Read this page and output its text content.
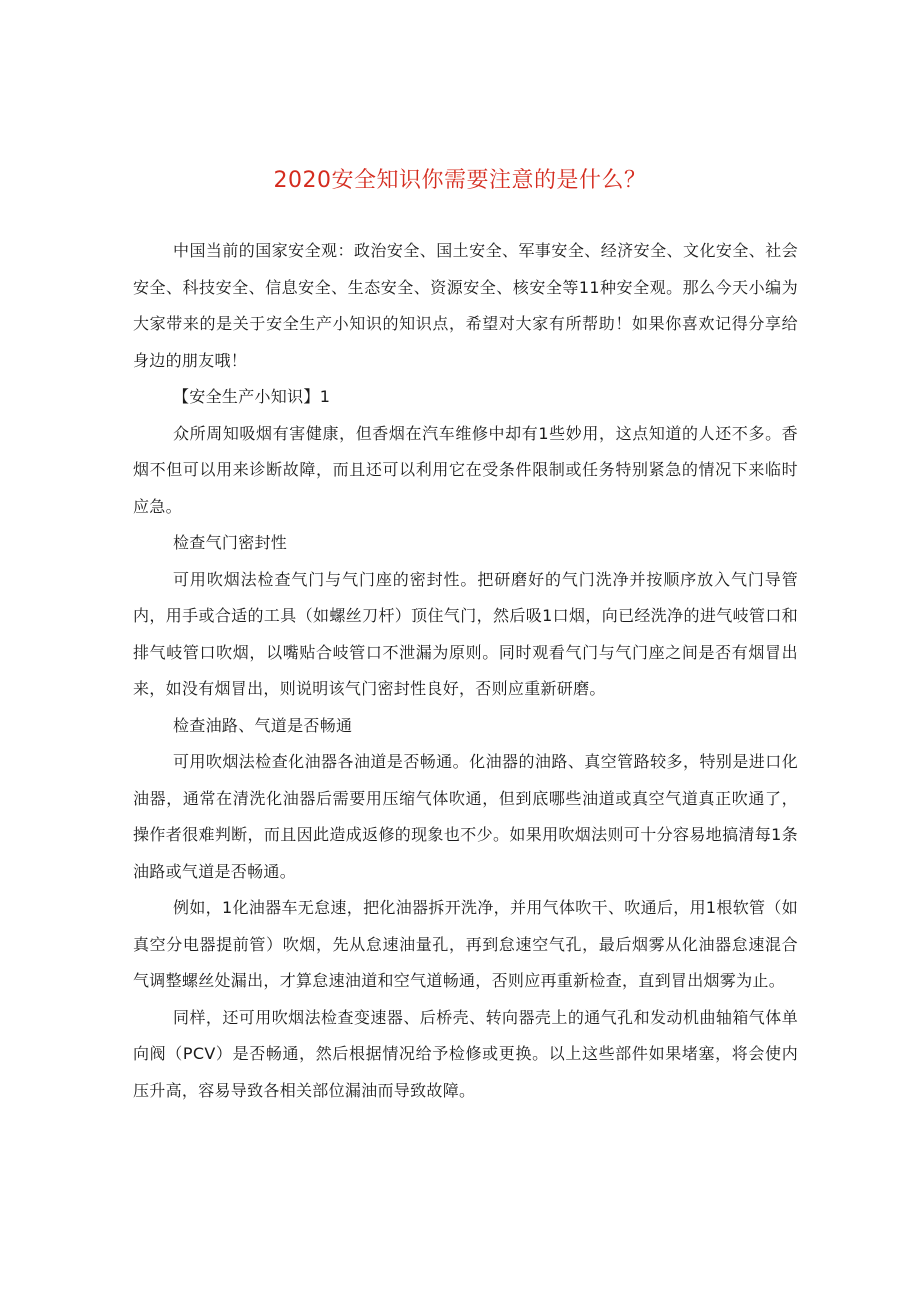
2020安全知识你需要注意的是什么？

中国当前的国家安全观：政治安全、国土安全、军事安全、经济安全、文化安全、社会安全、科技安全、信息安全、生态安全、资源安全、核安全等11种安全观。那么今天小编为大家带来的是关于安全生产小知识的知识点，希望对大家有所帮助！如果你喜欢记得分享给身边的朋友哦！

【安全生产小知识】1

众所周知吸烟有害健康，但香烟在汽车维修中却有1些妙用，这点知道的人还不多。香烟不但可以用来诊断故障，而且还可以利用它在受条件限制或任务特别紧急的情况下来临时应急。

检查气门密封性

可用吹烟法检查气门与气门座的密封性。把研磨好的气门洗净并按顺序放入气门导管内，用手或合适的工具（如螺丝刀杆）顶住气门，然后吸1口烟，向已经洗净的进气岐管口和排气岐管口吹烟，以嘴贴合岐管口不泄漏为原则。同时观看气门与气门座之间是否有烟冒出来，如没有烟冒出，则说明该气门密封性良好，否则应重新研磨。

检查油路、气道是否畅通

可用吹烟法检查化油器各油道是否畅通。化油器的油路、真空管路较多，特别是进口化油器，通常在清洗化油器后需要用压缩气体吹通，但到底哪些油道或真空气道真正吹通了，操作者很难判断，而且因此造成返修的现象也不少。如果用吹烟法则可十分容易地搞清每1条油路或气道是否畅通。

例如，1化油器车无怠速，把化油器拆开洗净，并用气体吹干、吹通后，用1根软管（如真空分电器提前管）吹烟，先从怠速油量孔，再到怠速空气孔，最后烟雾从化油器怠速混合气调整螺丝处漏出，才算怠速油道和空气道畅通，否则应再重新检查，直到冒出烟雾为止。

同样，还可用吹烟法检查变速器、后桥壳、转向器壳上的通气孔和发动机曲轴箱气体单向阀（PCV）是否畅通，然后根据情况给予检修或更换。以上这些部件如果堵塞，将会使内压升高，容易导致各相关部位漏油而导致故障。
